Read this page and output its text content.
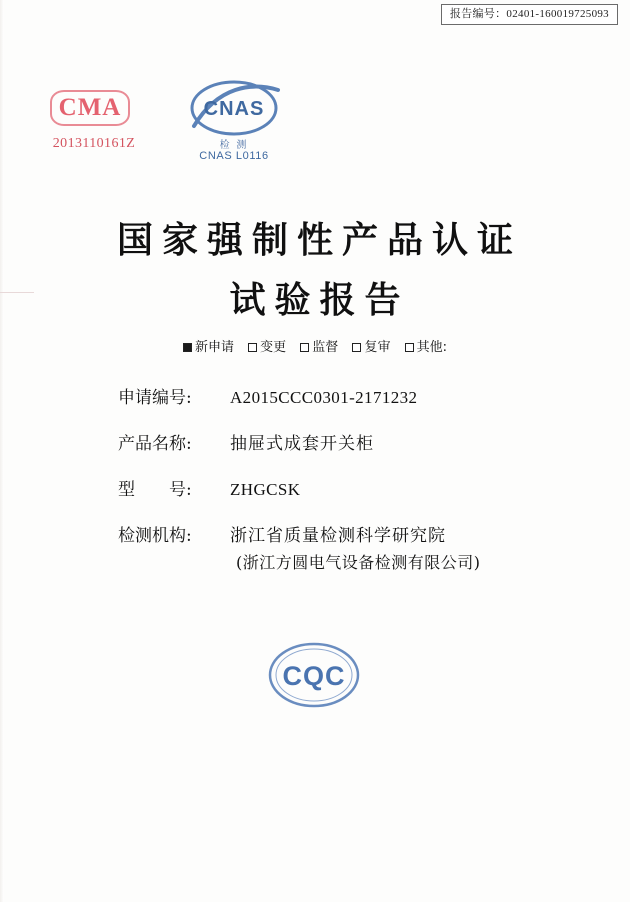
报告编号：02401-160019725093
CMA
2013110161Z
CNAS
检 测
CNAS L0116
国家强制性产品认证
试验报告
新申请 变更 监督 复审 其他:
申请编号:	A2015CCC0301-2171232
产品名称:	抽屉式成套开关柜
型　　号:	ZHGCSK
检测机构:	浙江省质量检测科学研究院
(浙江方圆电气设备检测有限公司)
CQC
